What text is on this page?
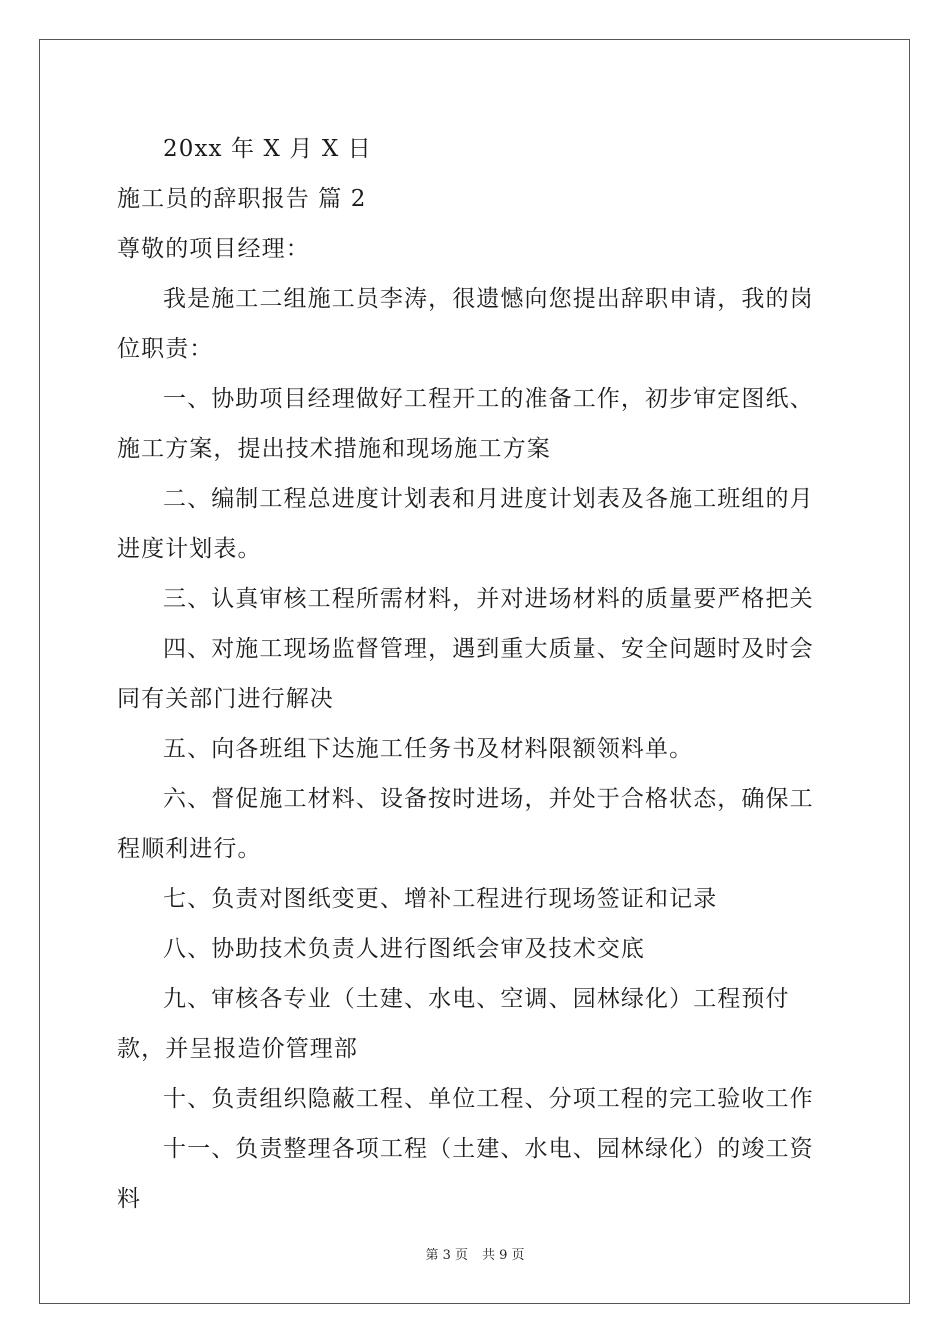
20xx 年 X 月 X 日

施工员的辞职报告 篇 2

尊敬的项目经理：

我是施工二组施工员李涛，很遗憾向您提出辞职申请，我的岗位职责：

一、协助项目经理做好工程开工的准备工作，初步审定图纸、施工方案，提出技术措施和现场施工方案

二、编制工程总进度计划表和月进度计划表及各施工班组的月进度计划表。

三、认真审核工程所需材料，并对进场材料的质量要严格把关

四、对施工现场监督管理，遇到重大质量、安全问题时及时会同有关部门进行解决

五、向各班组下达施工任务书及材料限额领料单。

六、督促施工材料、设备按时进场，并处于合格状态，确保工程顺利进行。

七、负责对图纸变更、增补工程进行现场签证和记录

八、协助技术负责人进行图纸会审及技术交底

九、审核各专业（土建、水电、空调、园林绿化）工程预付款，并呈报造价管理部

十、负责组织隐蔽工程、单位工程、分项工程的完工验收工作

十一、负责整理各项工程（土建、水电、园林绿化）的竣工资料

第 3 页 共 9 页
